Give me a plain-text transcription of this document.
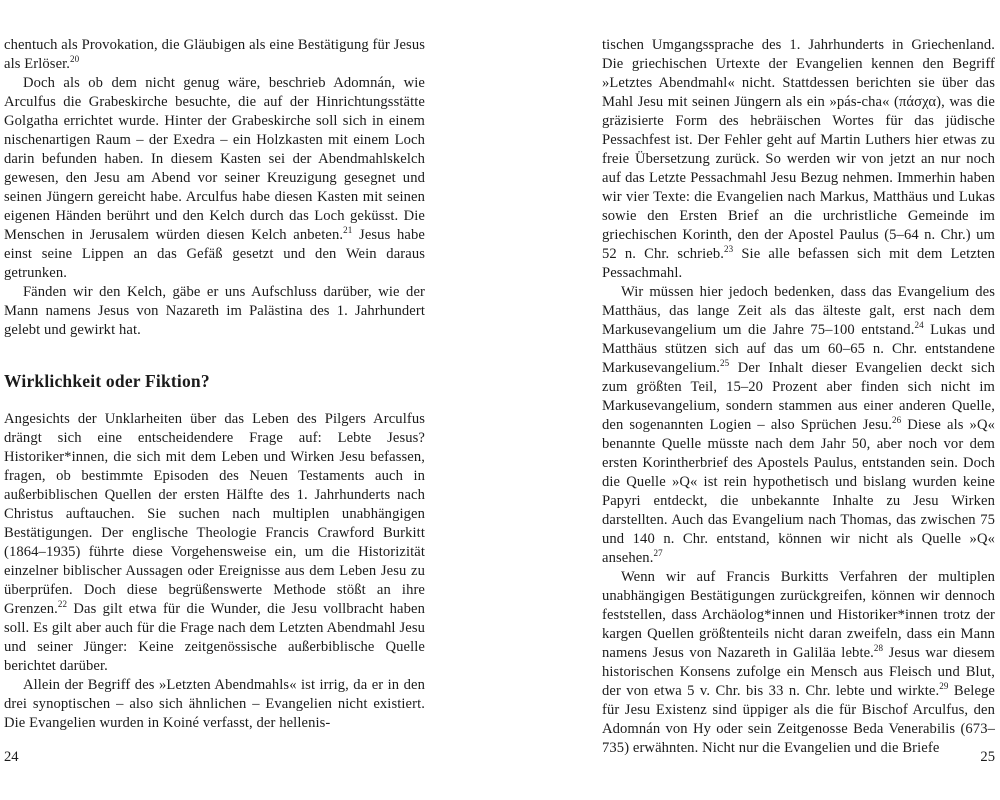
chentuch als Provokation, die Gläubigen als eine Bestätigung für Jesus als Erlöser.$^{20}$

Doch als ob dem nicht genug wäre, beschrieb Adomnán, wie Arculfus die Grabeskirche besuchte, die auf der Hinrichtungsstätte Golgatha errichtet wurde. Hinter der Grabeskirche soll sich in einem nischenartigen Raum – der Exedra – ein Holzkasten mit einem Loch darin befunden haben. In diesem Kasten sei der Abendmahlskelch gewesen, den Jesu am Abend vor seiner Kreuzigung gesegnet und seinen Jüngern gereicht habe. Arculfus habe diesen Kasten mit seinen eigenen Händen berührt und den Kelch durch das Loch geküsst. Die Menschen in Jerusalem würden diesen Kelch anbeten.$^{21}$ Jesus habe einst seine Lippen an das Gefäß gesetzt und den Wein daraus getrunken.

Fänden wir den Kelch, gäbe er uns Aufschluss darüber, wie der Mann namens Jesus von Nazareth im Palästina des 1. Jahrhundert gelebt und gewirkt hat.

Wirklichkeit oder Fiktion?

Angesichts der Unklarheiten über das Leben des Pilgers Arculfus drängt sich eine entscheidendere Frage auf: Lebte Jesus? Historiker*innen, die sich mit dem Leben und Wirken Jesu befassen, fragen, ob bestimmte Episoden des Neuen Testaments auch in außerbiblischen Quellen der ersten Hälfte des 1. Jahrhunderts nach Christus auftauchen. Sie suchen nach multiplen unabhängigen Bestätigungen. Der englische Theologie Francis Crawford Burkitt (1864–1935) führte diese Vorgehensweise ein, um die Historizität einzelner biblischer Aussagen oder Ereignisse aus dem Leben Jesu zu überprüfen. Doch diese begrüßenswerte Methode stößt an ihre Grenzen.$^{22}$ Das gilt etwa für die Wunder, die Jesu vollbracht haben soll. Es gilt aber auch für die Frage nach dem Letzten Abendmahl Jesu und seiner Jünger: Keine zeitgenössische außerbiblische Quelle berichtet darüber.

Allein der Begriff des »Letzten Abendmahls« ist irrig, da er in den drei synoptischen – also sich ähnlichen – Evangelien nicht existiert. Die Evangelien wurden in Koiné verfasst, der hellenis-

tischen Umgangssprache des 1. Jahrhunderts in Griechenland. Die griechischen Urtexte der Evangelien kennen den Begriff »Letztes Abendmahl« nicht. Stattdessen berichten sie über das Mahl Jesu mit seinen Jüngern als ein »pás-cha« (πάσχα), was die gräzisierte Form des hebräischen Wortes für das jüdische Pessachfest ist. Der Fehler geht auf Martin Luthers hier etwas zu freie Übersetzung zurück. So werden wir von jetzt an nur noch auf das Letzte Pessachmahl Jesu Bezug nehmen. Immerhin haben wir vier Texte: die Evangelien nach Markus, Matthäus und Lukas sowie den Ersten Brief an die urchristliche Gemeinde im griechischen Korinth, den der Apostel Paulus (5–64 n. Chr.) um 52 n. Chr. schrieb.$^{23}$ Sie alle befassen sich mit dem Letzten Pessachmahl.

Wir müssen hier jedoch bedenken, dass das Evangelium des Matthäus, das lange Zeit als das älteste galt, erst nach dem Markusevangelium um die Jahre 75–100 entstand.$^{24}$ Lukas und Matthäus stützen sich auf das um 60–65 n. Chr. entstandene Markusevangelium.$^{25}$ Der Inhalt dieser Evangelien deckt sich zum größten Teil, 15–20 Prozent aber finden sich nicht im Markusevangelium, sondern stammen aus einer anderen Quelle, den sogenannten Logien – also Sprüchen Jesu.$^{26}$ Diese als »Q« benannte Quelle müsste nach dem Jahr 50, aber noch vor dem ersten Korintherbrief des Apostels Paulus, entstanden sein. Doch die Quelle »Q« ist rein hypothetisch und bislang wurden keine Papyri entdeckt, die unbekannte Inhalte zu Jesu Wirken darstellten. Auch das Evangelium nach Thomas, das zwischen 75 und 140 n. Chr. entstand, können wir nicht als Quelle »Q« ansehen.$^{27}$

Wenn wir auf Francis Burkitts Verfahren der multiplen unabhängigen Bestätigungen zurückgreifen, können wir dennoch feststellen, dass Archäolog*innen und Historiker*innen trotz der kargen Quellen größtenteils nicht daran zweifeln, dass ein Mann namens Jesus von Nazareth in Galiläa lebte.$^{28}$ Jesus war diesem historischen Konsens zufolge ein Mensch aus Fleisch und Blut, der von etwa 5 v. Chr. bis 33 n. Chr. lebte und wirkte.$^{29}$ Belege für Jesu Existenz sind üppiger als die für Bischof Arculfus, den Adomnán von Hy oder sein Zeitgenosse Beda Venerabilis (673–735) erwähnten. Nicht nur die Evangelien und die Briefe

24	25
